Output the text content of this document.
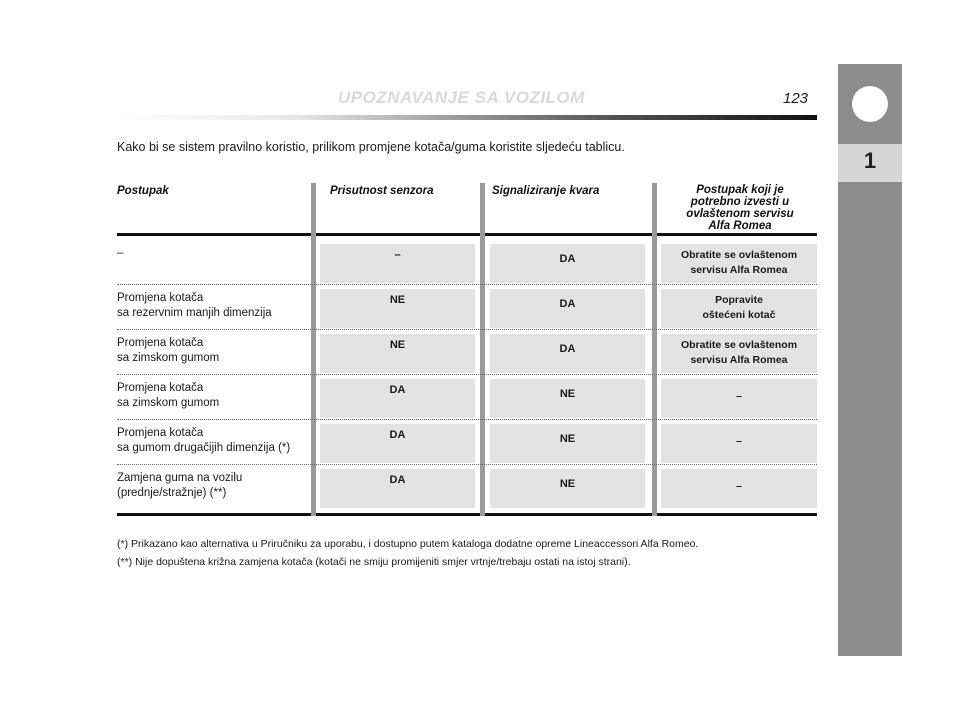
UPOZNAVANJE SA VOZILOM	123
1
Kako bi se sistem pravilno koristio, prilikom promjene kotača/guma koristite sljedeću tablicu.
Postupak	Prisutnost senzora	Signaliziranje kvara	Postupak koji je
potrebno izvesti u
ovlaštenom servisu
Alfa Romea
–	–	DA	Obratite se ovlaštenom
servisu Alfa Romea
Promjena kotača
sa rezervnim manjih dimenzija
NE	DA	Popravite
oštećeni kotač
Promjena kotača
sa zimskom gumom
NE	DA	Obratite se ovlaštenom
servisu Alfa Romea
Promjena kotača
sa zimskom gumom
DA	NE	–
Promjena kotača
sa gumom drugačijih dimenzija (*)
DA	NE	–
Zamjena guma na vozilu
(prednje/stražnje) (**)
DA	NE	–
(*) Prikazano kao alternativa u Priručniku za uporabu, i dostupno putem kataloga dodatne opreme Lineaccessori Alfa Romeo.
(**) Nije dopuštena križna zamjena kotača (kotači ne smiju promijeniti smjer vrtnje/trebaju ostati na istoj strani).
